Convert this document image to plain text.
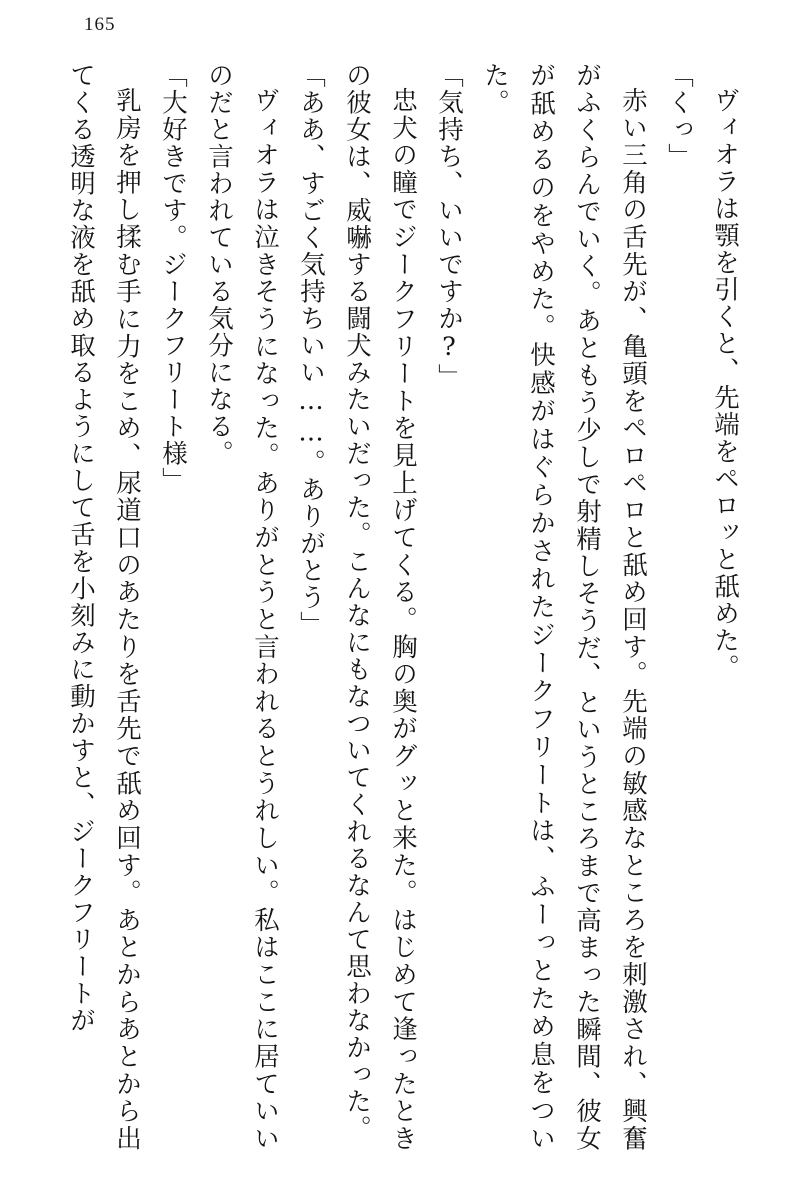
165

ヴィオラは顎を引くと、先端をペロッと舐めた。

「くっ」

赤い三角の舌先が、亀頭をペロペロと舐め回す。先端の敏感なところを刺激され、興奮がふくらんでいく。あともう少しで射精しそうだ、というところまで高まった瞬間、彼女が舐めるのをやめた。快感がはぐらかされたジークフリートは、ふーっとため息をついた。

「気持ち、いいですか?」

忠犬の瞳でジークフリートを見上げてくる。胸の奥がグッと来た。はじめて逢ったときの彼女は、威嚇する闘犬みたいだった。こんなにもなついてくれるなんて思わなかった。

「ああ、すごく気持ちいい……。ありがとう」

ヴィオラは泣きそうになった。ありがとうと言われるとうれしい。私はここに居ていいのだと言われている気分になる。

「大好きです。ジークフリート様」

乳房を押し揉む手に力をこめ、尿道口のあたりを舌先で舐め回す。あとからあとから出てくる透明な液を舐め取るようにして舌を小刻みに動かすと、ジークフリートが
